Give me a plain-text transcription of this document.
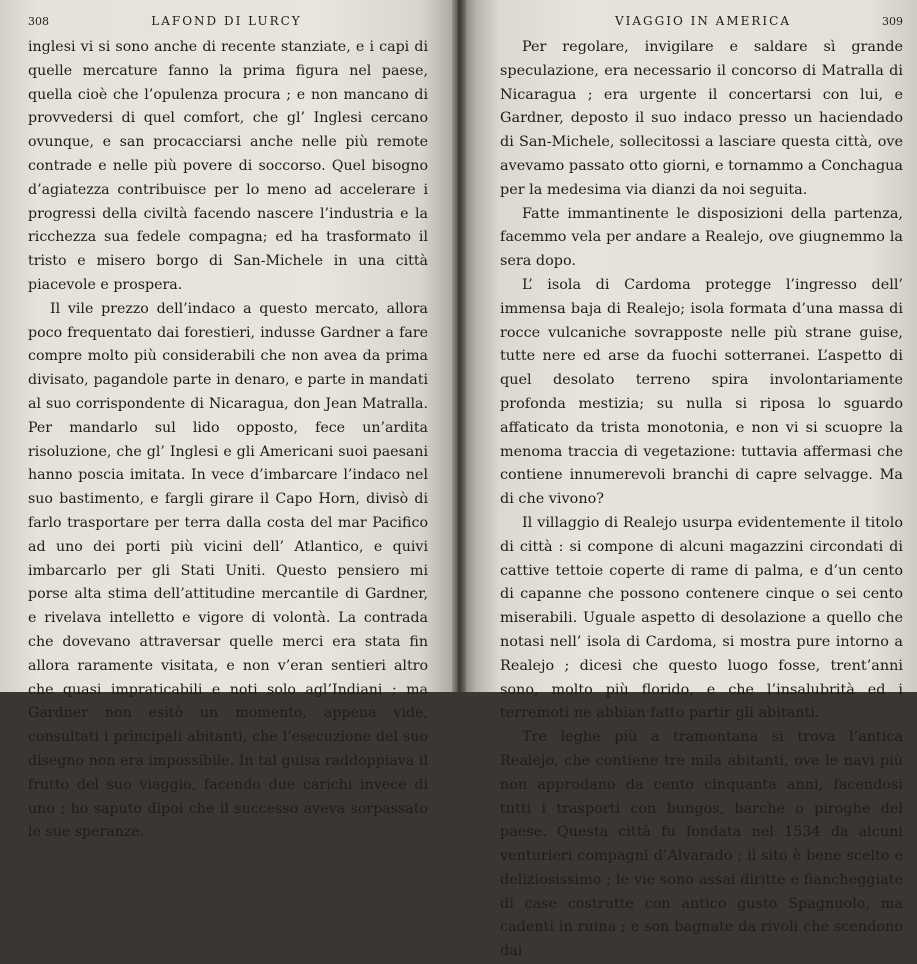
308	LAFOND DI LURCY

inglesi vi si sono anche di recente stanziate, e i capi di quelle mercature fanno la prima figura nel paese, quella cioè che l’opulenza procura ; e non mancano di provvedersi di quel comfort, che gl’ Inglesi cercano ovunque, e san procacciarsi anche nelle più remote contrade e nelle più povere di soccorso. Quel bisogno d’agiatezza contribuisce per lo meno ad accelerare i progressi della civiltà facendo nascere l’industria e la ricchezza sua fedele compagna; ed ha trasformato il tristo e misero borgo di San-Michele in una città piacevole e prospera.

Il vile prezzo dell’indaco a questo mercato, allora poco frequentato dai forestieri, indusse Gardner a fare compre molto più considerabili che non avea da prima divisato, pagandole parte in denaro, e parte in mandati al suo corrispondente di Nicaragua, don Jean Matralla. Per mandarlo sul lido opposto, fece un’ardita risoluzione, che gl’ Inglesi e gli Americani suoi paesani hanno poscia imitata. In vece d’imbarcare l’indaco nel suo bastimento, e fargli girare il Capo Horn, divisò di farlo trasportare per terra dalla costa del mar Pacifico ad uno dei porti più vicini dell’ Atlantico, e quivi imbarcarlo per gli Stati Uniti. Questo pensiero mi porse alta stima dell’attitudine mercantile di Gardner, e rivelava intelletto e vigore di volontà. La contrada che dovevano attraversar quelle merci era stata fin allora raramente visitata, e non v’eran sentieri altro che quasi impraticabili e noti solo agl’Indiani ; ma Gardner non esitò un momento, appena vide, consultati i principali abitanti, che l’esecuzione del suo disegno non era impossibile. In tal guisa raddoppiava il frutto del suo viaggio, facendo due carichi invece di uno ; ho saputo dipoi che il successo aveva sorpassato le sue speranze.

VIAGGIO IN AMERICA	309

Per regolare, invigilare e saldare sì grande speculazione, era necessario il concorso di Matralla di Nicaragua ; era urgente il concertarsi con lui, e Gardner, deposto il suo indaco presso un haciendado di San-Michele, sollecitossi a lasciare questa città, ove avevamo passato otto giorni, e tornammo a Conchagua per la medesima via dianzi da noi seguita.

Fatte immantinente le disposizioni della partenza, facemmo vela per andare a Realejo, ove giugnemmo la sera dopo.

L’ isola di Cardoma protegge l’ingresso dell’ immensa baja di Realejo; isola formata d’una massa di rocce vulcaniche sovrapposte nelle più strane guise, tutte nere ed arse da fuochi sotterranei. L’aspetto di quel desolato terreno spira involontariamente profonda mestizia; su nulla si riposa lo sguardo affaticato da trista monotonia, e non vi si scuopre la menoma traccia di vegetazione: tuttavia affermasi che contiene innumerevoli branchi di capre selvagge. Ma di che vivono?

Il villaggio di Realejo usurpa evidentemente il titolo di città : si compone di alcuni magazzini circondati di cattive tettoie coperte di rame di palma, e d’un cento di capanne che possono contenere cinque o sei cento miserabili. Uguale aspetto di desolazione a quello che notasi nell’ isola di Cardoma, si mostra pure intorno a Realejo ; dicesi che questo luogo fosse, trent’anni sono, molto più florido, e che l’insalubrità ed i terremoti ne abbian fatto partir gli abitanti.

Tre leghe più a tramontana si trova l’antica Realejo, che contiene tre mila abitanti, ove le navi più non approdano da cento cinquanta anni, facendosi tutti i trasporti con bungos, barche o piroghe del paese. Questa città fu fondata nel 1534 da alcuni venturieri compagni d’Alvarado ; il sito è bene scelto e deliziosissimo ; le vie sono assai diritte e fiancheggiate di case costrutte con antico gusto Spagnuolo, ma cadenti in ruina ; e son bagnate da rivoli che scendono dai
